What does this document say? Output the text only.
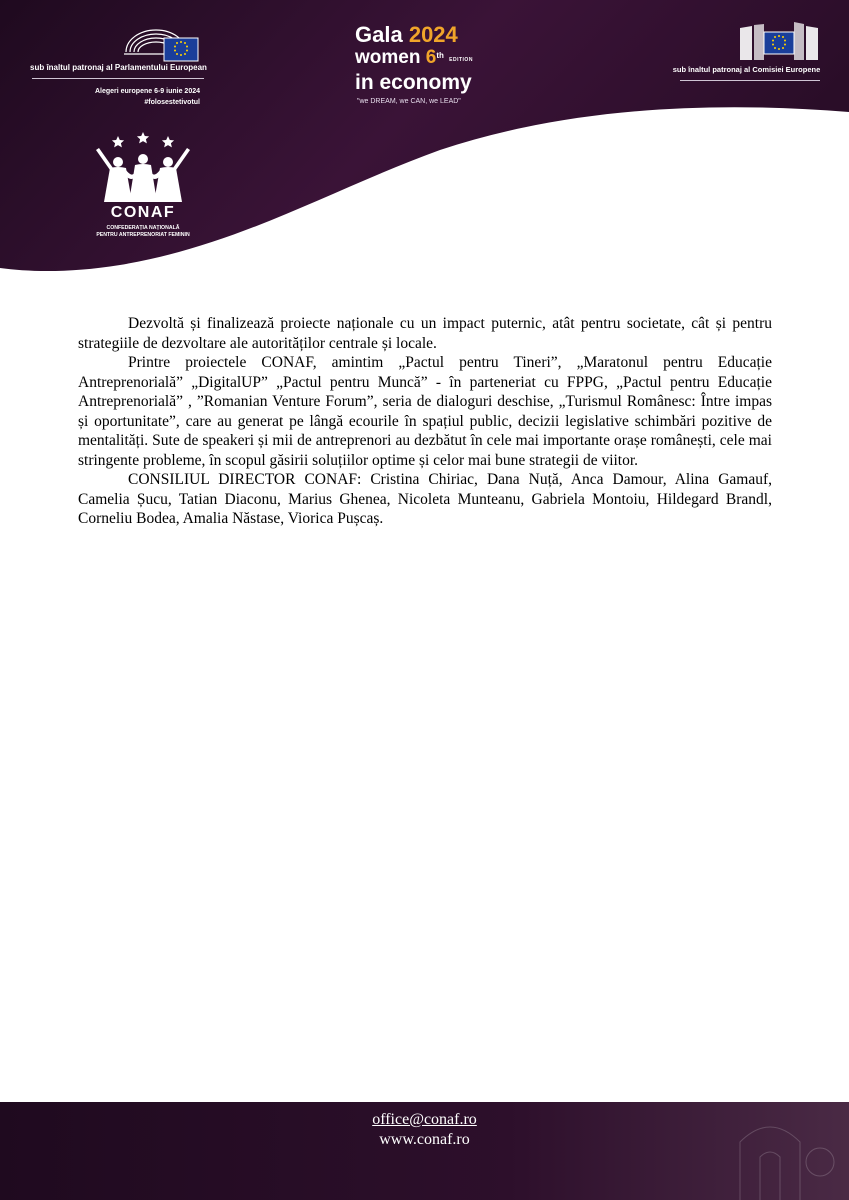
sub înaltul patronaj al Parlamentului European
Alegeri europene 6-9 iunie 2024
#folosestetivotul
Gala 2024
women 6th EDITION
in economy
"we DREAM, we CAN, we LEAD"
sub înaltul patronaj al Comisiei Europene
CONAF
CONFEDERAȚIA NAȚIONALĂ
PENTRU ANTREPRENORIAT FEMININ

Dezvoltă și finalizează proiecte naționale cu un impact puternic, atât pentru societate, cât și pentru strategiile de dezvoltare ale autorităților centrale și locale.

Printre proiectele CONAF, amintim „Pactul pentru Tineri”, „Maratonul pentru Educație Antreprenorială” „DigitalUP” „Pactul pentru Muncă” - în parteneriat cu FPPG, „Pactul pentru Educație Antreprenorială” , ”Romanian Venture Forum”, seria de dialoguri deschise, „Turismul Românesc: Între impas și oportunitate”, care au generat pe lângă ecourile în spațiul public, decizii legislative schimbări pozitive de mentalități. Sute de speakeri și mii de antreprenori au dezbătut în cele mai importante orașe românești, cele mai stringente probleme, în scopul găsirii soluțiilor optime și celor mai bune strategii de viitor.

CONSILIUL DIRECTOR CONAF: Cristina Chiriac, Dana Nuță, Anca Damour, Alina Gamauf, Camelia Șucu, Tatian Diaconu, Marius Ghenea, Nicoleta Munteanu, Gabriela Montoiu, Hildegard Brandl, Corneliu Bodea, Amalia Năstase, Viorica Pușcaș.

office@conaf.ro
www.conaf.ro
